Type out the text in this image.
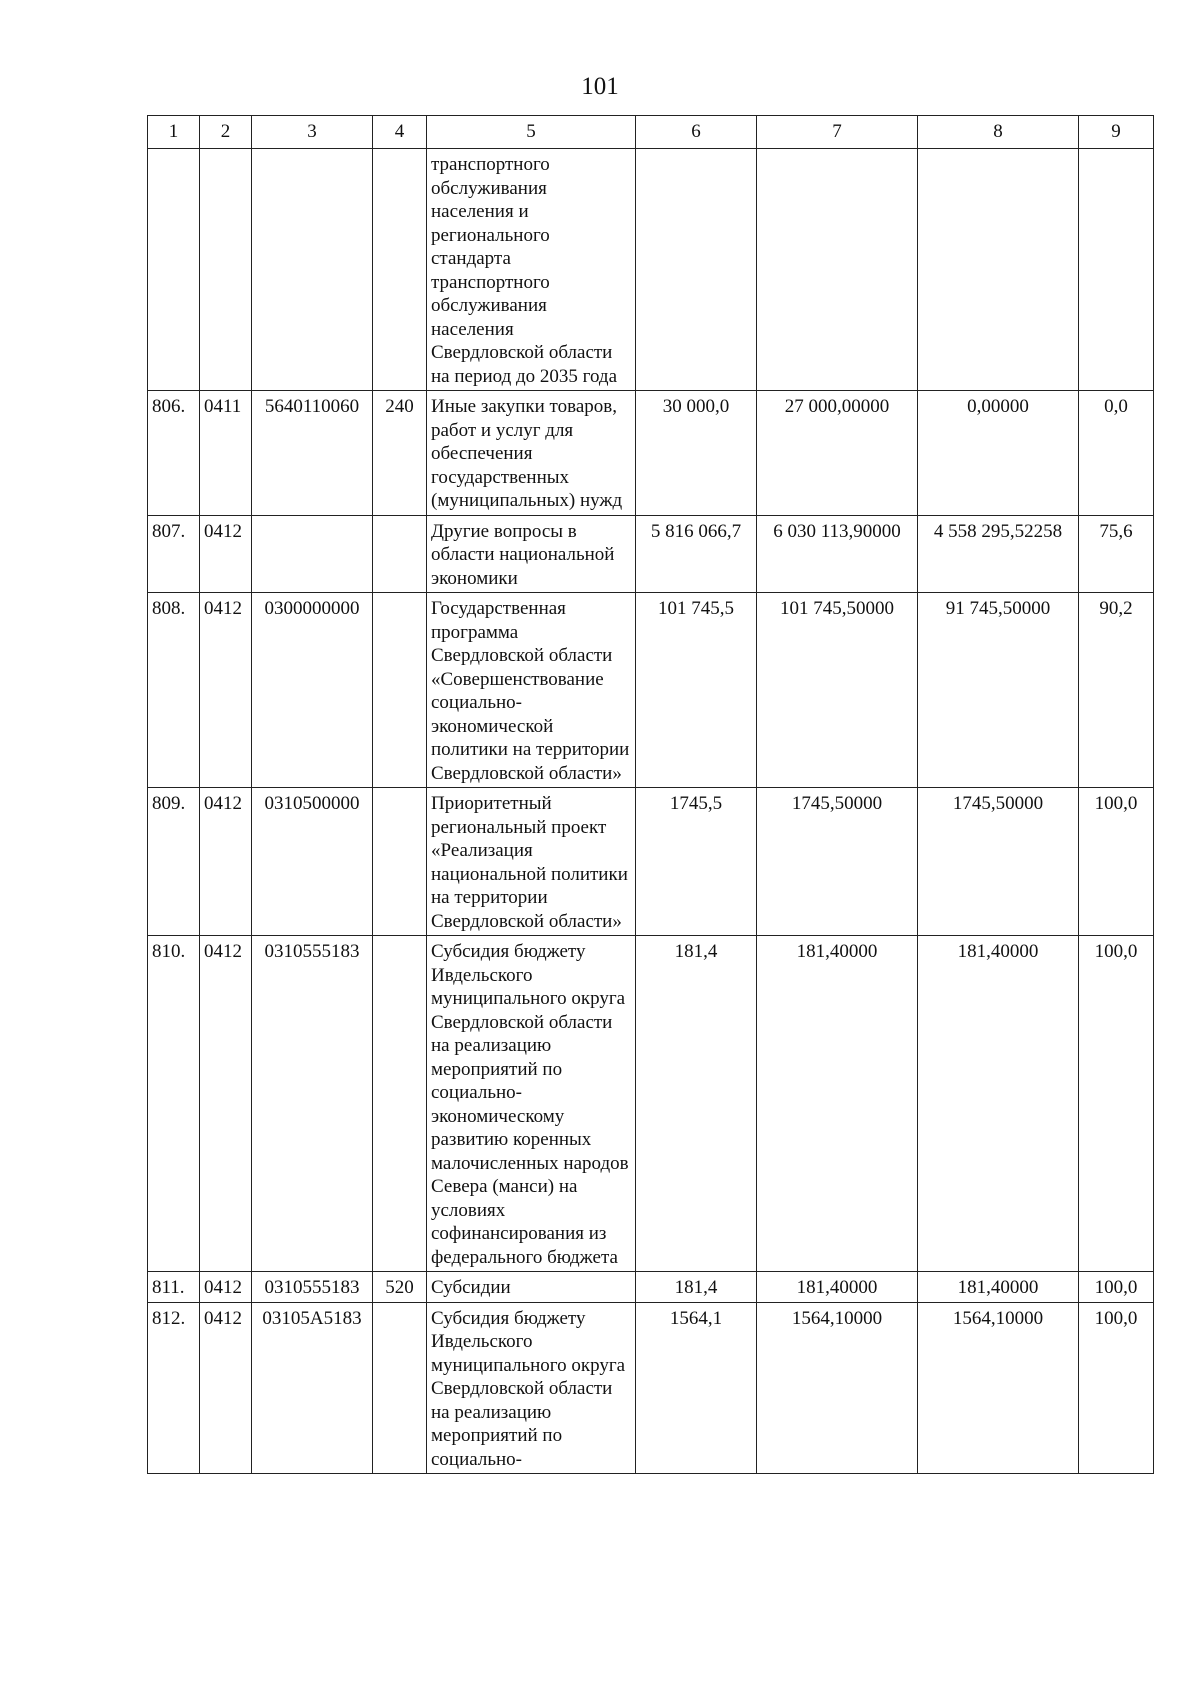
101
1	2	3	4	5	6	7	8	9
				транспортного обслуживания населения и регионального стандарта транспортного обслуживания населения Свердловской области на период до 2035 года				
806.	0411	5640110060	240	Иные закупки товаров, работ и услуг для обеспечения государственных (муниципальных) нужд	30 000,0	27 000,00000	0,00000	0,0
807.	0412			Другие вопросы в области национальной экономики	5 816 066,7	6 030 113,90000	4 558 295,52258	75,6
808.	0412	0300000000		Государственная программа Свердловской области «Совершенствование социально-экономической политики на территории Свердловской области»	101 745,5	101 745,50000	91 745,50000	90,2
809.	0412	0310500000		Приоритетный региональный проект «Реализация национальной политики на территории Свердловской области»	1745,5	1745,50000	1745,50000	100,0
810.	0412	0310555183		Субсидия бюджету Ивдельского муниципального округа Свердловской области на реализацию мероприятий по социально-экономическому развитию коренных малочисленных народов Севера (манси) на условиях софинансирования из федерального бюджета	181,4	181,40000	181,40000	100,0
811.	0412	0310555183	520	Субсидии	181,4	181,40000	181,40000	100,0
812.	0412	03105A5183		Субсидия бюджету Ивдельского муниципального округа Свердловской области на реализацию мероприятий по социально-	1564,1	1564,10000	1564,10000	100,0
